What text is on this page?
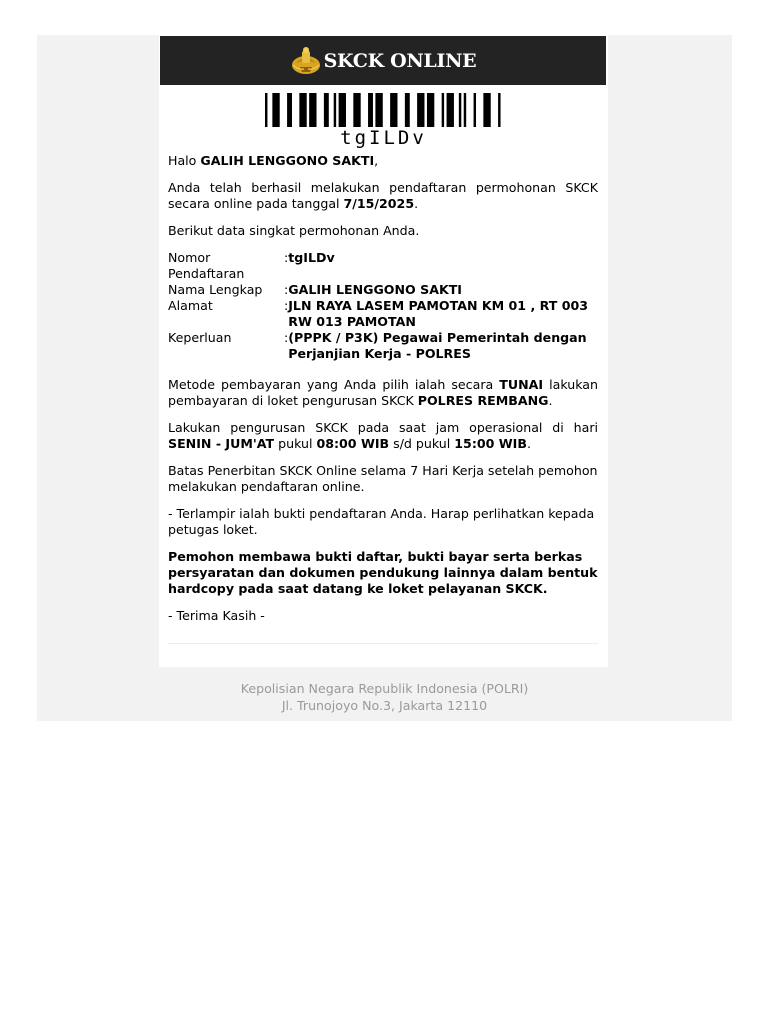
SKCK ONLINE
tgILDv

Halo GALIH LENGGONO SAKTI,

Anda telah berhasil melakukan pendaftaran permohonan SKCK secara online pada tanggal 7/15/2025.

Berikut data singkat permohonan Anda.

Nomor Pendaftaran	:	tgILDv
Nama Lengkap	:	GALIH LENGGONO SAKTI
Alamat	:	JLN RAYA LASEM PAMOTAN KM 01 , RT 003 RW 013 PAMOTAN
Keperluan	:	(PPPK / P3K) Pegawai Pemerintah dengan Perjanjian Kerja - POLRES

Metode pembayaran yang Anda pilih ialah secara TUNAI lakukan pembayaran di loket pengurusan SKCK POLRES REMBANG.

Lakukan pengurusan SKCK pada saat jam operasional di hari SENIN - JUM'AT pukul 08:00 WIB s/d pukul 15:00 WIB.

Batas Penerbitan SKCK Online selama 7 Hari Kerja setelah pemohon melakukan pendaftaran online.

- Terlampir ialah bukti pendaftaran Anda. Harap perlihatkan kepada petugas loket.

Pemohon membawa bukti daftar, bukti bayar serta berkas persyaratan dan dokumen pendukung lainnya dalam bentuk hardcopy pada saat datang ke loket pelayanan SKCK.

- Terima Kasih -

Kepolisian Negara Republik Indonesia (POLRI)
Jl. Trunojoyo No.3, Jakarta 12110
